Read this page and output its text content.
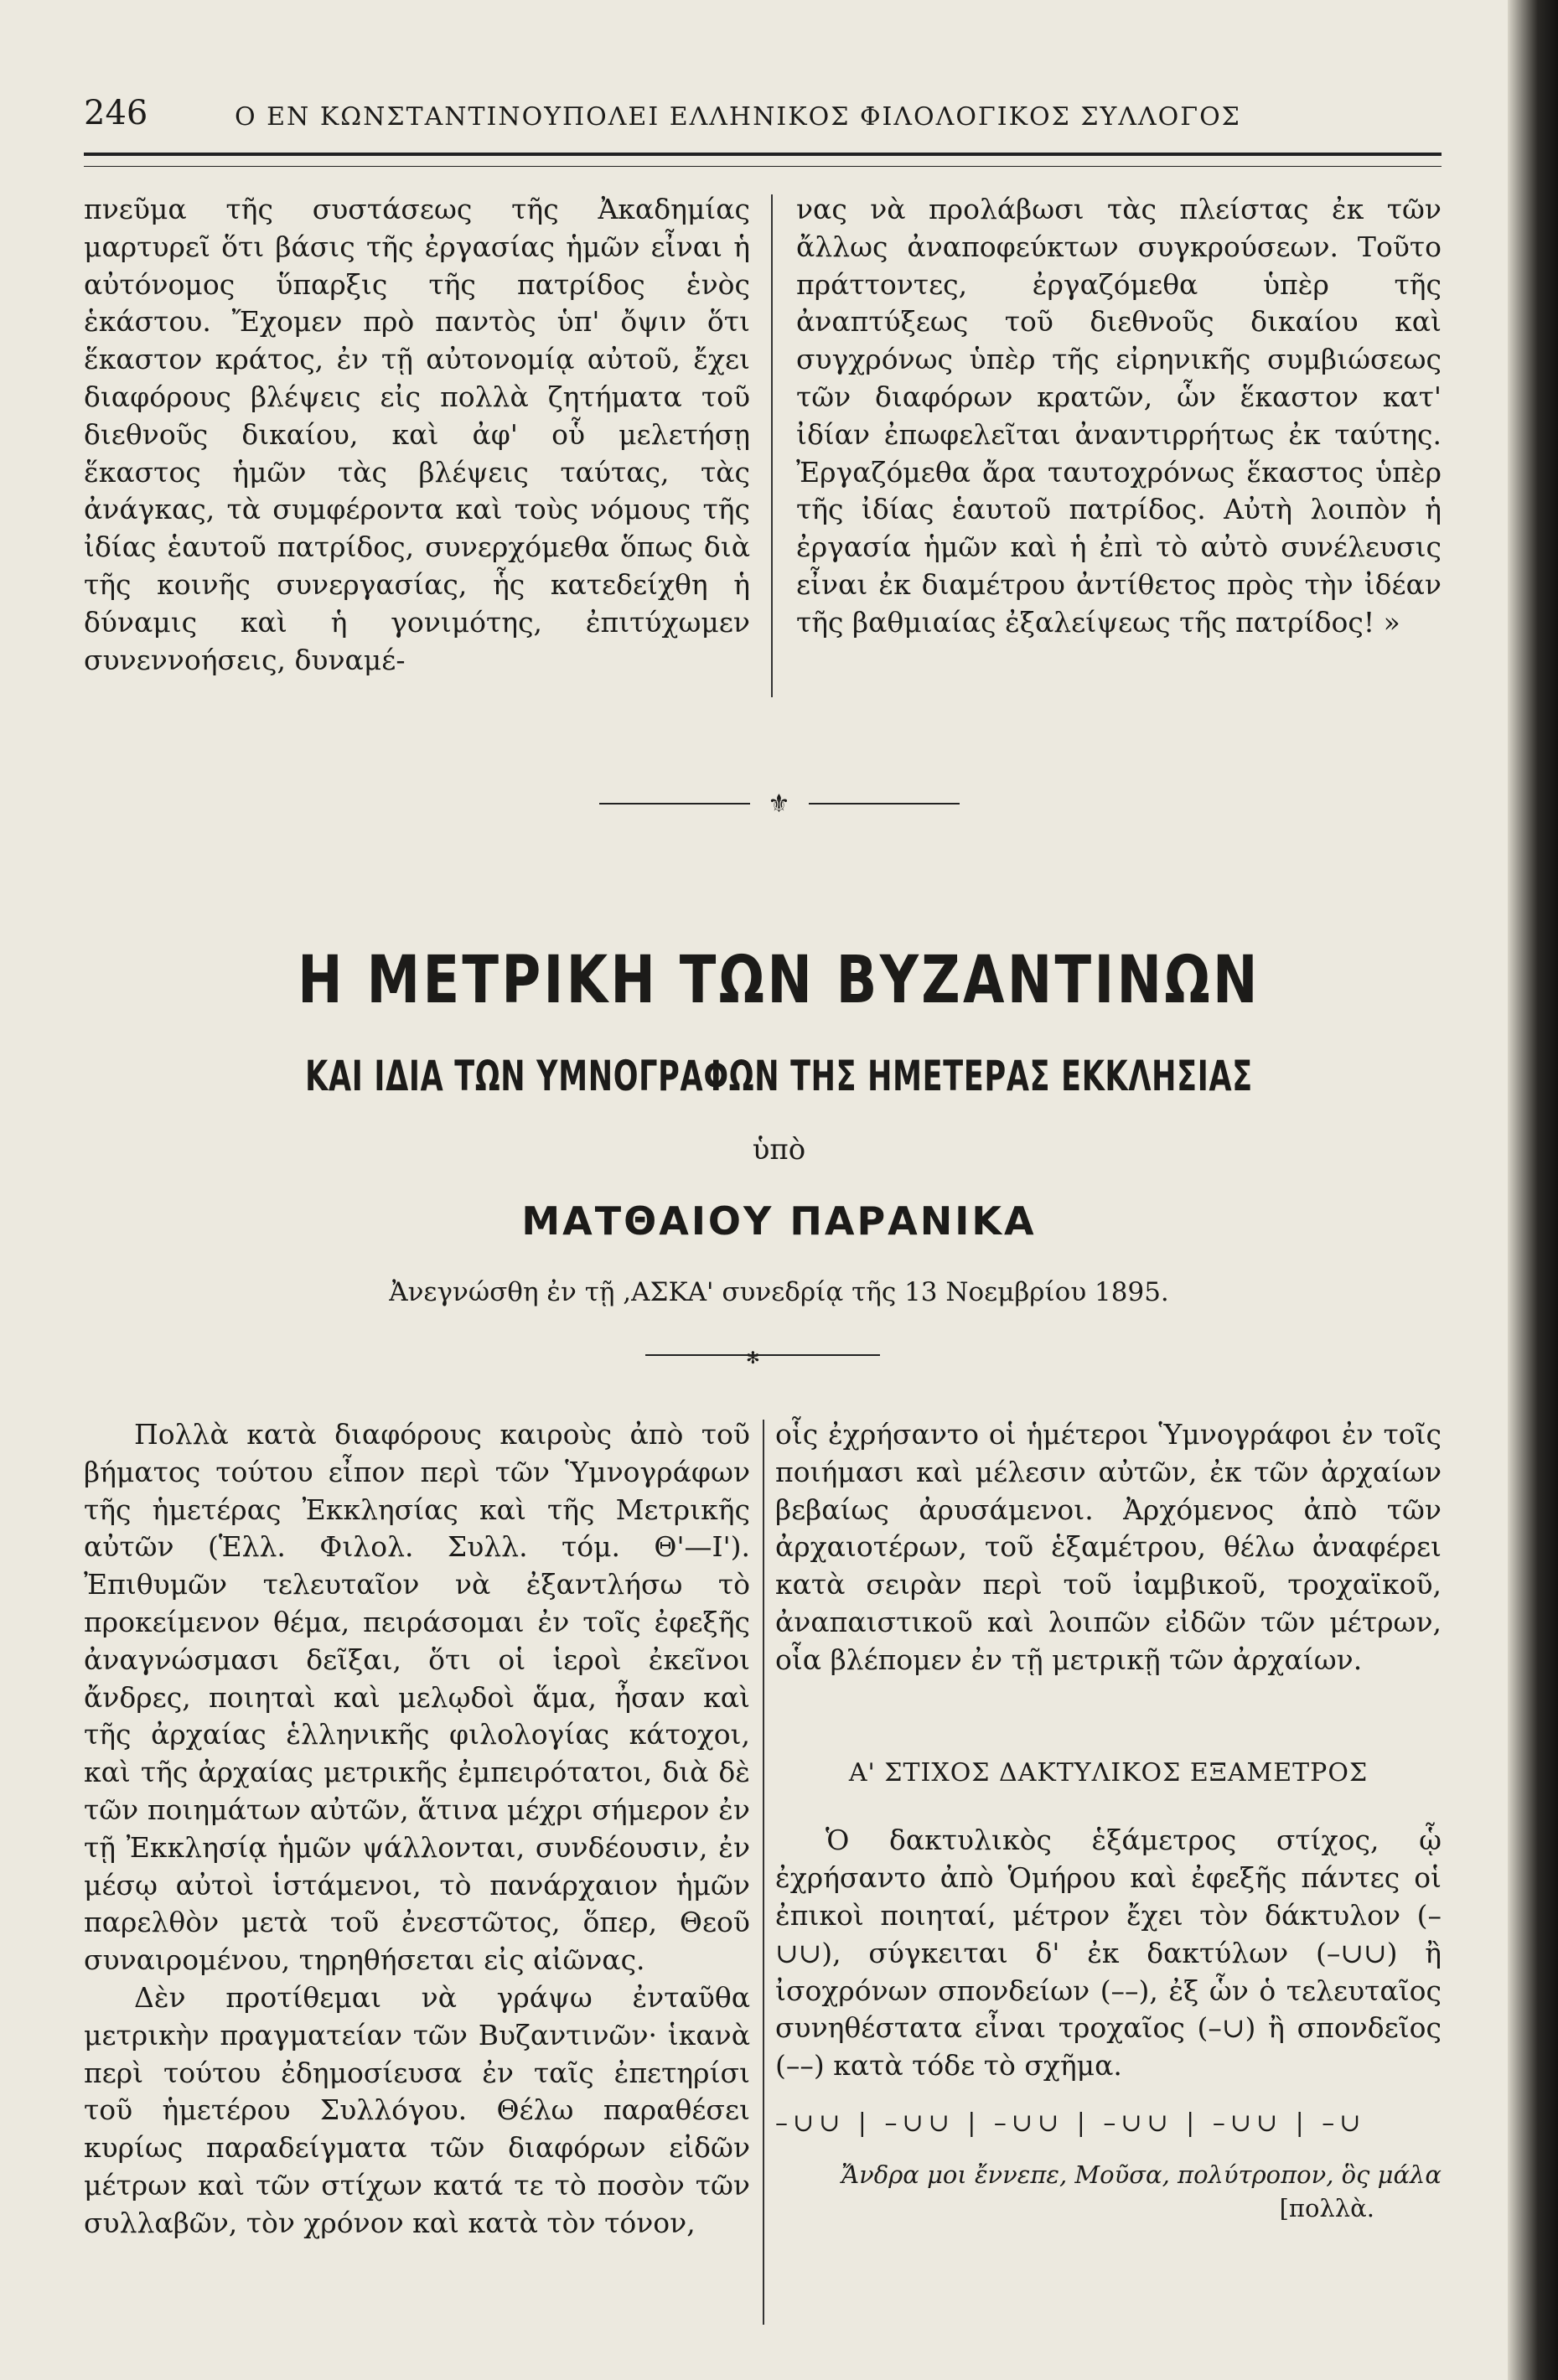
246	Ο ΕΝ ΚΩΝΣΤΑΝΤΙΝΟΥΠΟΛΕΙ ΕΛΛΗΝΙΚΟΣ ΦΙΛΟΛΟΓΙΚΟΣ ΣΥΛΛΟΓΟΣ

πνεῦμα τῆς συστάσεως τῆς Ἀκαδημίας μαρτυρεῖ ὅτι βάσις τῆς ἐργασίας ἡμῶν εἶναι ἡ αὐτόνομος ὕπαρξις τῆς πατρίδος ἑνὸς ἑκάστου. Ἔχομεν πρὸ παντὸς ὑπ' ὄψιν ὅτι ἕκαστον κράτος, ἐν τῇ αὐτονομίᾳ αὐτοῦ, ἔχει διαφόρους βλέψεις εἰς πολλὰ ζητήματα τοῦ διεθνοῦς δικαίου, καὶ ἀφ' οὗ μελετήσῃ ἕκαστος ἡμῶν τὰς βλέψεις ταύτας, τὰς ἀνάγκας, τὰ συμφέροντα καὶ τοὺς νόμους τῆς ἰδίας ἑαυτοῦ πατρίδος, συνερχόμεθα ὅπως διὰ τῆς κοινῆς συνεργασίας, ἧς κατεδείχθη ἡ δύναμις καὶ ἡ γονιμότης, ἐπιτύχωμεν συνεννοήσεις, δυναμέ-

νας νὰ προλάβωσι τὰς πλείστας ἐκ τῶν ἄλλως ἀναποφεύκτων συγκρούσεων. Τοῦτο πράττοντες, ἐργαζόμεθα ὑπὲρ τῆς ἀναπτύξεως τοῦ διεθνοῦς δικαίου καὶ συγχρόνως ὑπὲρ τῆς εἰρηνικῆς συμβιώσεως τῶν διαφόρων κρατῶν, ὧν ἕκαστον κατ' ἰδίαν ἐπωφελεῖται ἀναντιρρήτως ἐκ ταύτης. Ἐργαζόμεθα ἄρα ταυτοχρόνως ἕκαστος ὑπὲρ τῆς ἰδίας ἑαυτοῦ πατρίδος. Αὐτὴ λοιπὸν ἡ ἐργασία ἡμῶν καὶ ἡ ἐπὶ τὸ αὐτὸ συνέλευσις εἶναι ἐκ διαμέτρου ἀντίθετος πρὸς τὴν ἰδέαν τῆς βαθμιαίας ἐξαλείψεως τῆς πατρίδος! »

⚜
Η ΜΕΤΡΙΚΗ ΤΩΝ ΒΥΖΑΝΤΙΝΩΝ
ΚΑΙ ΙΔΙΑ ΤΩΝ ΥΜΝΟΓΡΑΦΩΝ ΤΗΣ ΗΜΕΤΕΡΑΣ ΕΚΚΛΗΣΙΑΣ
ὑπὸ
ΜΑΤΘΑΙΟΥ ΠΑΡΑΝΙΚΑ
Ἀνεγνώσθη ἐν τῇ ,ΑΣΚΑ' συνεδρίᾳ τῆς 13 Νοεμβρίου 1895.
✻

Πολλὰ κατὰ διαφόρους καιροὺς ἀπὸ τοῦ βήματος τούτου εἶπον περὶ τῶν Ὑμνογράφων τῆς ἡμετέρας Ἐκκλησίας καὶ τῆς Μετρικῆς αὐτῶν (Ἑλλ. Φιλολ. Συλλ. τόμ. Θ'—Ι'). Ἐπιθυμῶν τελευταῖον νὰ ἐξαντλήσω τὸ προκείμενον θέμα, πειράσομαι ἐν τοῖς ἐφεξῆς ἀναγνώσμασι δεῖξαι, ὅτι οἱ ἱεροὶ ἐκεῖνοι ἄνδρες, ποιηταὶ καὶ μελῳδοὶ ἅμα, ἦσαν καὶ τῆς ἀρχαίας ἑλληνικῆς φιλολογίας κάτοχοι, καὶ τῆς ἀρχαίας μετρικῆς ἐμπειρότατοι, διὰ δὲ τῶν ποιημάτων αὐτῶν, ἅτινα μέχρι σήμερον ἐν τῇ Ἐκκλησίᾳ ἡμῶν ψάλλονται, συνδέουσιν, ἐν μέσῳ αὐτοὶ ἱστάμενοι, τὸ πανάρχαιον ἡμῶν παρελθὸν μετὰ τοῦ ἐνεστῶτος, ὅπερ, Θεοῦ συναιρομένου, τηρηθήσεται εἰς αἰῶνας.

Δὲν προτίθεμαι νὰ γράψω ἐνταῦθα μετρικὴν πραγματείαν τῶν Βυζαντινῶν· ἱκανὰ περὶ τούτου ἐδημοσίευσα ἐν ταῖς ἐπετηρίσι τοῦ ἡμετέρου Συλλόγου. Θέλω παραθέσει κυρίως παραδείγματα τῶν διαφόρων εἰδῶν μέτρων καὶ τῶν στίχων κατά τε τὸ ποσὸν τῶν συλλαβῶν, τὸν χρόνον καὶ κατὰ τὸν τόνον,

οἷς ἐχρήσαντο οἱ ἡμέτεροι Ὑμνογράφοι ἐν τοῖς ποιήμασι καὶ μέλεσιν αὐτῶν, ἐκ τῶν ἀρχαίων βεβαίως ἀρυσάμενοι. Ἀρχόμενος ἀπὸ τῶν ἀρχαιοτέρων, τοῦ ἑξαμέτρου, θέλω ἀναφέρει κατὰ σειρὰν περὶ τοῦ ἰαμβικοῦ, τροχαϊκοῦ, ἀναπαιστικοῦ καὶ λοιπῶν εἰδῶν τῶν μέτρων, οἷα βλέπομεν ἐν τῇ μετρικῇ τῶν ἀρχαίων.

Α' ΣΤΙΧΟΣ ΔΑΚΤΥΛΙΚΟΣ ΕΞΑΜΕΤΡΟΣ

Ὁ δακτυλικὸς ἑξάμετρος στίχος, ᾧ ἐχρήσαντο ἀπὸ Ὁμήρου καὶ ἐφεξῆς πάντες οἱ ἐπικοὶ ποιηταί, μέτρον ἔχει τὸν δάκτυλον (–∪∪), σύγκειται δ' ἐκ δακτύλων (–∪∪) ἢ ἰσοχρόνων σπονδείων (––), ἐξ ὧν ὁ τελευταῖος συνηθέστατα εἶναι τροχαῖος (–∪) ἢ σπονδεῖος (––) κατὰ τόδε τὸ σχῆμα.

–∪∪ | –∪∪ | –∪∪ | –∪∪ | –∪∪ | –∪
Ἄνδρα μοι ἔννεπε, Μοῦσα, πολύτροπον, ὃς μάλα
[πολλὰ.
